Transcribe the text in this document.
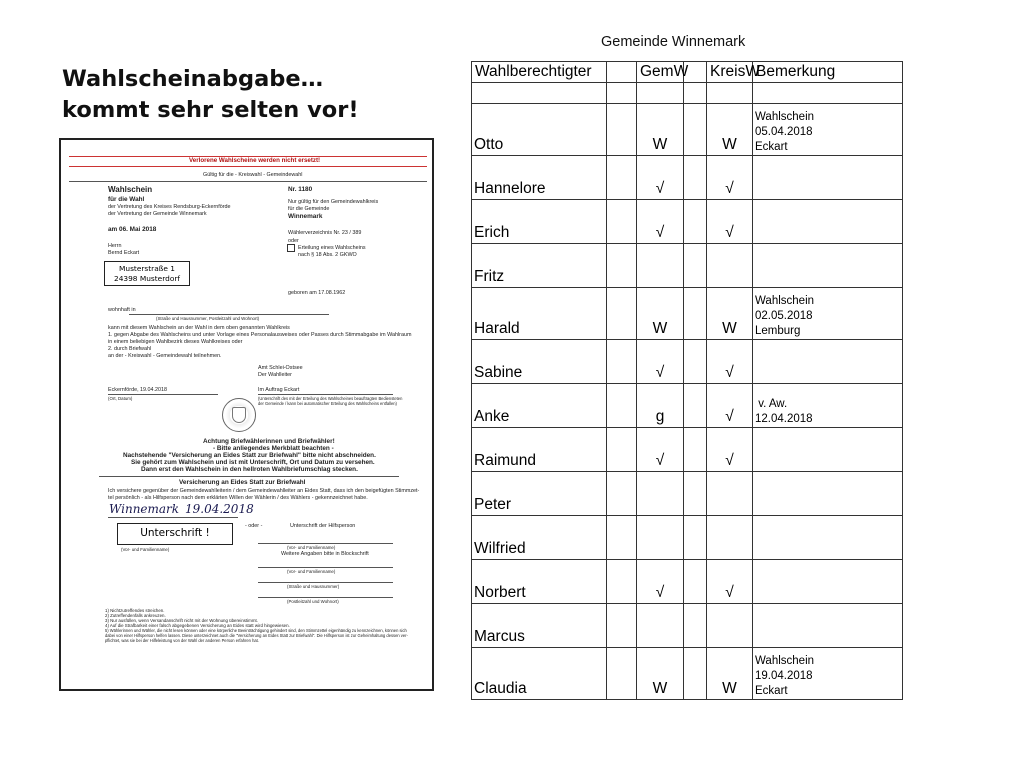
Wahlscheinabgabe…
kommt sehr selten vor!
Verlorene Wahlscheine werden nicht ersetzt!
Gültig für die - Kreiswahl - Gemeindewahl
Wahlschein
für die Wahl
der Vertretung des Kreises Rendsburg-Eckernförde
der Vertretung der Gemeinde Winnemark
am 06. Mai 2018
Nr. 1180
Nur gültig für den Gemeindewahlkreis
für die Gemeinde
Winnemark
Wählerverzeichnis Nr. 23 / 389
oder
Erteilung eines Wahlscheins
nach § 18 Abs. 2 GKWO
Herrn
Bernd Eckart
Musterstraße 1
24398 Musterdorf
geboren am 17.08.1962
wohnhaft in
(Straße und Hausnummer, Postleitzahl und Wohnort)
kann mit diesem Wahlschein an der Wahl in dem oben genannten Wahlkreis
1. gegen Abgabe des Wahlscheins und unter Vorlage eines Personalausweises oder Passes durch Stimmabgabe im Wahlraum
in einem beliebigen Wahlbezirk dieses Wahlkreises oder
2. durch Briefwahl
an der - Kreiswahl - Gemeindewahl teilnehmen.
Amt Schlei-Ostsee
Der Wahlleiter
Eckernförde, 19.04.2018
(Ort, Datum)
Im Auftrag Eckart
(Unterschrift des mit der Erteilung des Wahlscheines beauftragten Bediensteten
der Gemeinde / kann bei automatischer Erteilung des Wahlscheins entfallen)
Achtung Briefwählerinnen und Briefwähler!
- Bitte anliegendes Merkblatt beachten -
Nachstehende "Versicherung an Eides Statt zur Briefwahl" bitte nicht abschneiden.
Sie gehört zum Wahlschein und ist mit Unterschrift, Ort und Datum zu versehen.
Dann erst den Wahlschein in den hellroten Wahlbriefumschlag stecken.
Versicherung an Eides Statt zur Briefwahl
Ich versichere gegenüber der Gemeindewahlleiterin / dem Gemeindewahlleiter an Eides Statt, dass ich den beigefügten Stimmzet-
tel persönlich - als Hilfsperson nach dem erklärten Willen der Wählerin / des Wählers - gekennzeichnet habe.
Winnemark 19.04.2018
- oder -	Unterschrift der Hilfsperson
Unterschrift !
(Vor- und Familienname)	(Vor- und Familienname)
Weitere Angaben bitte in Blockschrift
(Vor- und Familienname)
(Straße und Hausnummer)
(Postleitzahl und Wohnort)
1) Nichtzutreffendes streichen.
2) Zutreffendenfalls ankreuzen.
3) Nur ausfüllen, wenn Versandanschrift nicht mit der Wohnung übereinstimmt.
4) Auf die Strafbarkeit einer falsch abgegebenen Versicherung an Eides statt wird hingewiesen.
5) Wählerinnen und Wähler, die nicht lesen können oder eine körperliche Beeinträchtigung gehindert sind, den Stimmzettel eigenhändig zu kennzeichnen, können sich
dabei von einer Hilfsperson helfen lassen. Diese unterzeichnet auch die "Versicherung an Eides Statt zur Briefwahl". Die Hilfsperson ist zur Geheimhaltung dessen ver-
pflichtet, was sie bei der Hilfeleistung von der Wahl der anderen Person erfahren hat.
Gemeinde Winnemark
Wahlberechtigter		GemW		KreisW	Bemerkung

Otto		W		W	Wahlschein
05.04.2018
Eckart

Hannelore		√		√	
Erich		√		√	
Fritz					
Harald		W		W	Wahlschein
02.05.2018
Lemburg

Sabine		√		√	
Anke		g		√	v. Aw.
12.04.2018

Raimund		√		√	
Peter					
Wilfried					
Norbert		√		√	
Marcus					
Claudia		W		W	Wahlschein
19.04.2018
Eckart
